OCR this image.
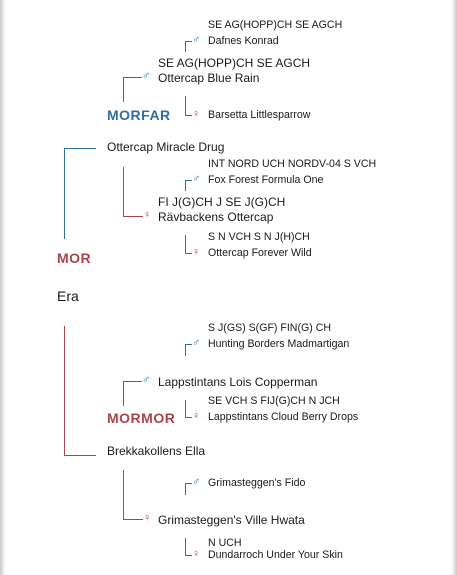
♂
♀
♂
♂
♀
♀
♂
♂
♀
♂
♀
♀
MORFAR
MOR
MORMOR
Era
Ottercap Miracle Drug
SE AG(HOPP)CH SE AGCH
Ottercap Blue Rain
SE AG(HOPP)CH SE AGCH
Dafnes Konrad
Barsetta Littlesparrow
FI J(G)CH J SE J(G)CH
Rävbackens Ottercap
INT NORD UCH NORDV-04 S VCH
Fox Forest Formula One
S N VCH S N J(H)CH
Ottercap Forever Wild
Brekkakollens Ella
Lappstintans Lois Copperman
S J(GS) S(GF) FIN(G) CH
Hunting Borders Madmartigan
SE VCH S FIJ(G)CH N JCH
Lappstintans Cloud Berry Drops
Grimasteggen's Ville Hwata
Grimasteggen's Fido
N UCH
Dundarroch Under Your Skin
